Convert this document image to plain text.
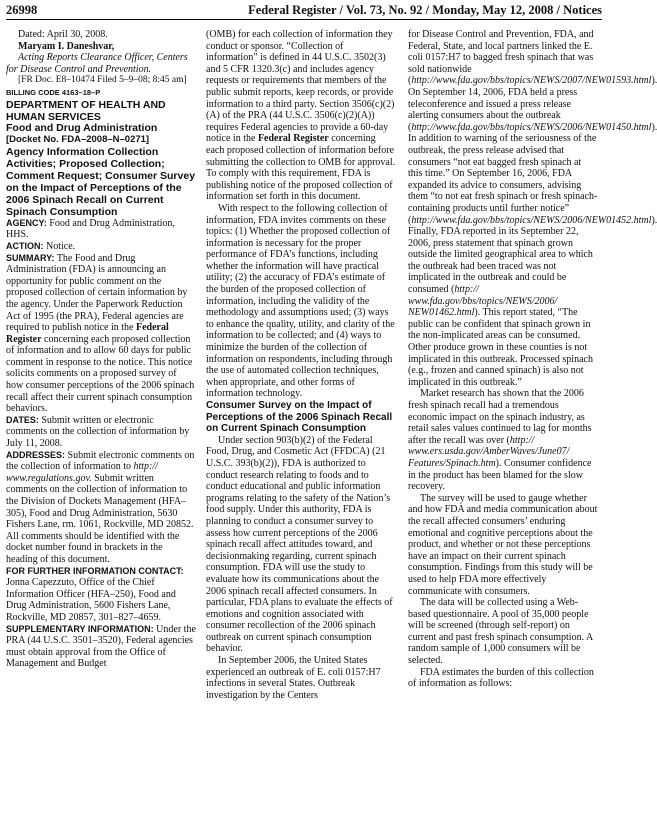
26998	Federal Register / Vol. 73, No. 92 / Monday, May 12, 2008 / Notices

Dated: April 30, 2008.

Maryam I. Daneshvar,

Acting Reports Clearance Officer, Centers for Disease Control and Prevention.

[FR Doc. E8–10474 Filed 5–9–08; 8:45 am]

BILLING CODE 4163–18–P

DEPARTMENT OF HEALTH AND HUMAN SERVICES

Food and Drug Administration

[Docket No. FDA–2008–N–0271]

Agency Information Collection Activities; Proposed Collection; Comment Request; Consumer Survey on the Impact of Perceptions of the 2006 Spinach Recall on Current Spinach Consumption

AGENCY: Food and Drug Administration, HHS.

ACTION: Notice.

SUMMARY: The Food and Drug Administration (FDA) is announcing an opportunity for public comment on the proposed collection of certain information by the agency. Under the Paperwork Reduction Act of 1995 (the PRA), Federal agencies are required to publish notice in the Federal Register concerning each proposed collection of information and to allow 60 days for public comment in response to the notice. This notice solicits comments on a proposed survey of how consumer perceptions of the 2006 spinach recall affect their current spinach consumption behaviors.

DATES: Submit written or electronic comments on the collection of information by July 11, 2008.

ADDRESSES: Submit electronic comments on the collection of information to http:// www.regulations.gov. Submit written comments on the collection of information to the Division of Dockets Management (HFA–305), Food and Drug Administration, 5630 Fishers Lane, rm. 1061, Rockville, MD 20852. All comments should be identified with the docket number found in brackets in the heading of this document.

FOR FURTHER INFORMATION CONTACT:
Jonna Capezzuto, Office of the Chief Information Officer (HFA–250), Food and Drug Administration, 5600 Fishers Lane, Rockville, MD 20857, 301–827–4659.

SUPPLEMENTARY INFORMATION: Under the PRA (44 U.S.C. 3501–3520), Federal agencies must obtain approval from the Office of Management and Budget

(OMB) for each collection of information they conduct or sponsor. “Collection of information” is defined in 44 U.S.C. 3502(3) and 5 CFR 1320.3(c) and includes agency requests or requirements that members of the public submit reports, keep records, or provide information to a third party. Section 3506(c)(2)(A) of the PRA (44 U.S.C. 3506(c)(2)(A)) requires Federal agencies to provide a 60-day notice in the Federal Register concerning each proposed collection of information before submitting the collection to OMB for approval. To comply with this requirement, FDA is publishing notice of the proposed collection of information set forth in this document.

With respect to the following collection of information, FDA invites comments on these topics: (1) Whether the proposed collection of information is necessary for the proper performance of FDA’s functions, including whether the information will have practical utility; (2) the accuracy of FDA’s estimate of the burden of the proposed collection of information, including the validity of the methodology and assumptions used; (3) ways to enhance the quality, utility, and clarity of the information to be collected; and (4) ways to minimize the burden of the collection of information on respondents, including through the use of automated collection techniques, when appropriate, and other forms of information technology.

Consumer Survey on the Impact of Perceptions of the 2006 Spinach Recall on Current Spinach Consumption

Under section 903(b)(2) of the Federal Food, Drug, and Cosmetic Act (FFDCA) (21 U.S.C. 393(b)(2)), FDA is authorized to conduct research relating to foods and to conduct educational and public information programs relating to the safety of the Nation’s food supply. Under this authority, FDA is planning to conduct a consumer survey to assess how current perceptions of the 2006 spinach recall affect attitudes toward, and decisionmaking regarding, current spinach consumption. FDA will use the study to evaluate how its communications about the 2006 spinach recall affected consumers. In particular, FDA plans to evaluate the effects of emotions and cognition associated with consumer recollection of the 2006 spinach outbreak on current spinach consumption behavior.

In September 2006, the United States experienced an outbreak of E. coli 0157:H7 infections in several States. Outbreak investigation by the Centers

for Disease Control and Prevention, FDA, and Federal, State, and local partners linked the E. coli 0157:H7 to bagged fresh spinach that was sold nationwide (http://www.fda.gov/bbs/topics/NEWS/2007/NEW01593.html). On September 14, 2006, FDA held a press teleconference and issued a press release alerting consumers about the outbreak (http://www.fda.gov/bbs/topics/NEWS/2006/NEW01450.html). In addition to warning of the seriousness of the outbreak, the press release advised that consumers “not eat bagged fresh spinach at this time.” On September 16, 2006, FDA expanded its advice to consumers, advising them “to not eat fresh spinach or fresh spinach-containing products until further notice” (http://www.fda.gov/bbs/topics/NEWS/2006/NEW01452.html). Finally, FDA reported in its September 22, 2006, press statement that spinach grown outside the limited geographical area to which the outbreak had been traced was not implicated in the outbreak and could be consumed (http:// www.fda.gov/bbs/topics/NEWS/2006/ NEW01462.html). This report stated, “The public can be confident that spinach grown in the non-implicated areas can be consumed. Other produce grown in these counties is not implicated in this outbreak. Processed spinach (e.g., frozen and canned spinach) is also not implicated in this outbreak.”

Market research has shown that the 2006 fresh spinach recall had a tremendous economic impact on the spinach industry, as retail sales values continued to lag for months after the recall was over (http:// www.ers.usda.gov/AmberWaves/June07/ Features/Spinach.htm). Consumer confidence in the product has been blamed for the slow recovery.

The survey will be used to gauge whether and how FDA and media communication about the recall affected consumers’ enduring emotional and cognitive perceptions about the product, and whether or not these perceptions have an impact on their current spinach consumption. Findings from this study will be used to help FDA more effectively communicate with consumers.

The data will be collected using a Web-based questionnaire. A pool of 35,000 people will be screened (through self-report) on current and past fresh spinach consumption. A random sample of 1,000 consumers will be selected.

FDA estimates the burden of this collection of information as follows:
